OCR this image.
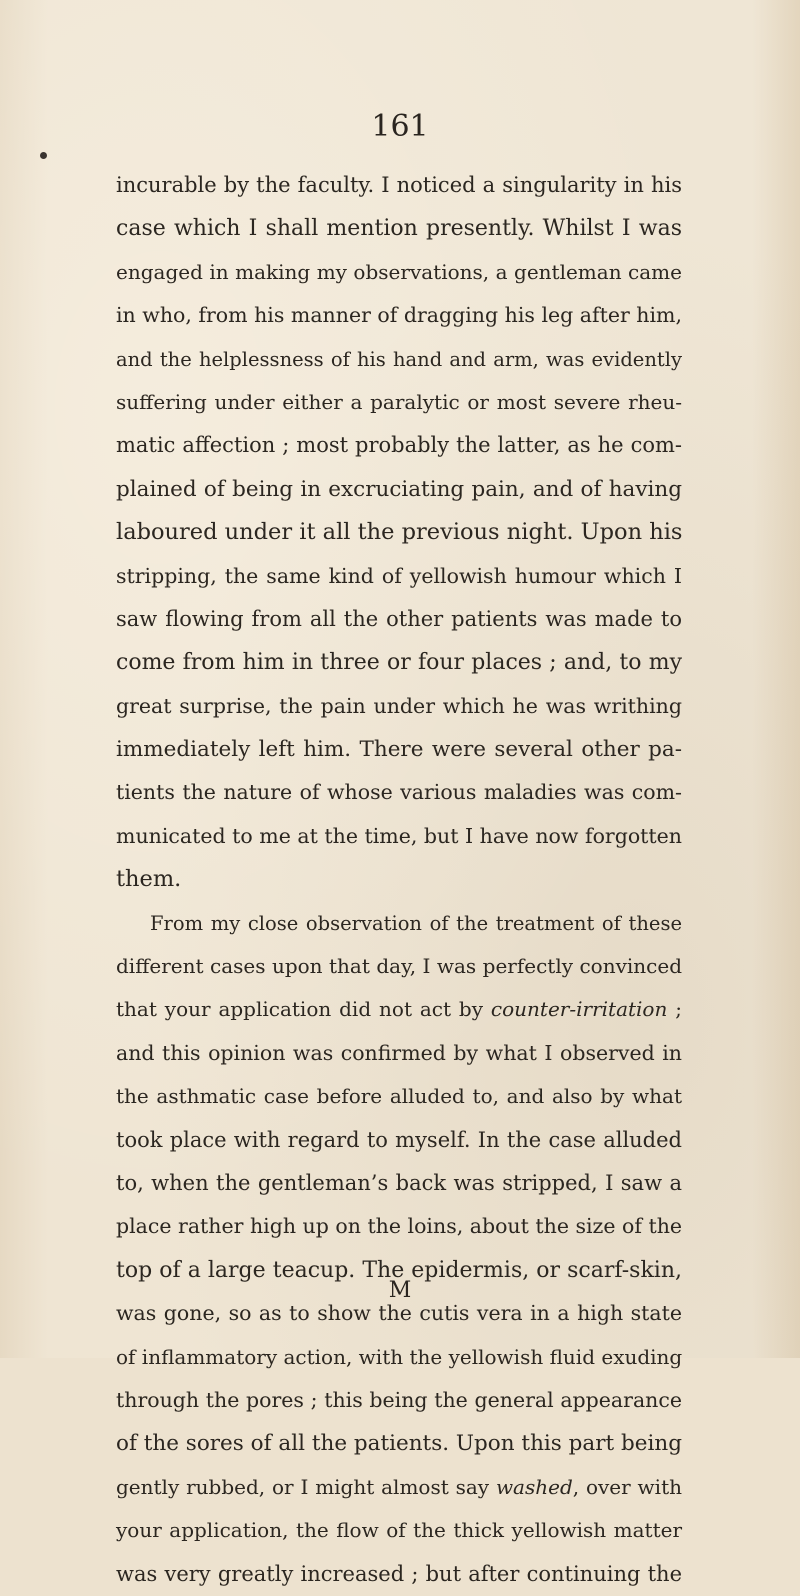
161
incurable by the faculty. I noticed a singularity in his
case which I shall mention presently. Whilst I was
engaged in making my observations, a gentleman came
in who, from his manner of dragging his leg after him,
and the helplessness of his hand and arm, was evidently
suffering under either a paralytic or most severe rheu-
matic affection ; most probably the latter, as he com-
plained of being in excruciating pain, and of having
laboured under it all the previous night. Upon his
stripping, the same kind of yellowish humour which I
saw flowing from all the other patients was made to
come from him in three or four places ; and, to my
great surprise, the pain under which he was writhing
immediately left him. There were several other pa-
tients the nature of whose various maladies was com-
municated to me at the time, but I have now forgotten
them.
From my close observation of the treatment of these
different cases upon that day, I was perfectly convinced
that your application did not act by counter-irritation ;
and this opinion was confirmed by what I observed in
the asthmatic case before alluded to, and also by what
took place with regard to myself. In the case alluded
to, when the gentleman’s back was stripped, I saw a
place rather high up on the loins, about the size of the
top of a large teacup. The epidermis, or scarf-skin,
was gone, so as to show the cutis vera in a high state
of inflammatory action, with the yellowish fluid exuding
through the pores ; this being the general appearance
of the sores of all the patients. Upon this part being
gently rubbed, or I might almost say washed, over with
your application, the flow of the thick yellowish matter
was very greatly increased ; but after continuing the
M
